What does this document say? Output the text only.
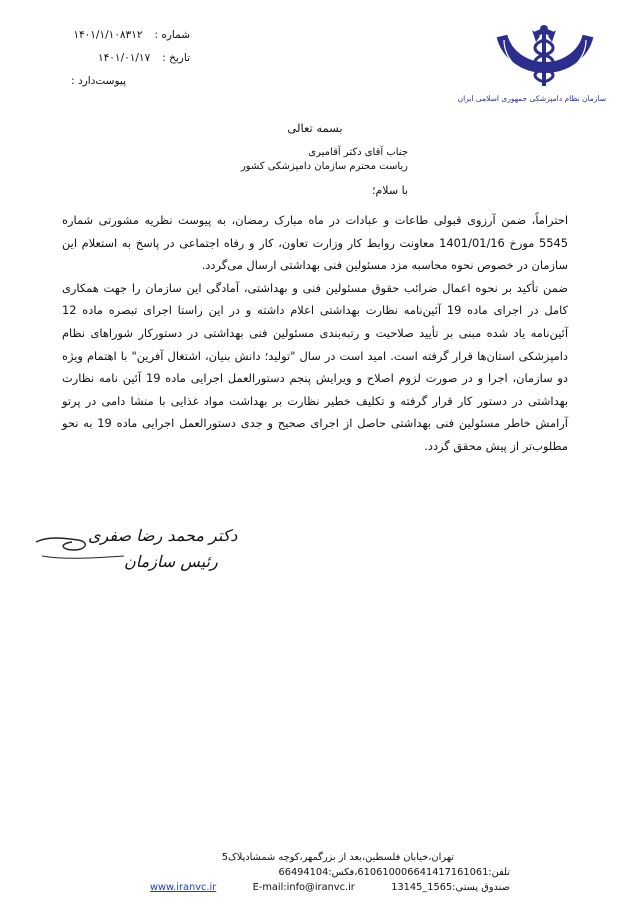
شماره :
۱۴۰۱/۱/۱۰۸۳۱۲
تاریخ :
۱۴۰۱/۰۱/۱۷
پیوست‌دارد :
سازمان نظام دامپزشکی جمهوری اسلامی ایران
بسمه تعالی
جناب آقای دکتر آقامیری
ریاست محترم سازمان دامپزشکی کشور
با سلام؛

احتراماً، ضمن آرزوی قبولی طاعات و عبادات در ماه مبارک رمضان، به پیوست نظریه مشورتی شماره 5545 مورخ 1401/01/16 معاونت روابط کار وزارت تعاون، کار و رفاه اجتماعی در پاسخ به استعلام این سازمان در خصوص نحوه محاسبه مزد مسئولین فنی بهداشتی ارسال می‌گردد.

ضمن تأکید بر نحوه اعمال ضرائب حقوق مسئولین فنی و بهداشتی، آمادگی این سازمان را جهت همکاری کامل در اجرای ماده 19 آئین‌نامه نظارت بهداشتی اعلام داشته و در این راستا اجرای تبصره ماده 12 آئین‌نامه یاد شده مبنی بر تأیید صلاحیت و رتبه‌بندی مسئولین فنی بهداشتی در دستورکار شوراهای نظام دامپزشکی استان‌ها قرار گرفته است. امید است در سال "تولید؛ دانش بنیان، اشتغال آفرین" با اهتمام ویژه دو سازمان، اجرا و در صورت لزوم اصلاح و ویرایش پنجم دستورالعمل اجرایی ماده 19 آئین نامه نظارت بهداشتی در دستور کار قرار گرفته و تکلیف خطیر نظارت بر بهداشت مواد غذایی با منشا دامی در پرتو آرامش خاطر مسئولین فنی بهداشتی حاصل از اجرای صحیح و جدی دستورالعمل اجرایی ماده 19 به نحو مطلوب‌تر از پیش محقق گردد.

دکتر محمد رضا صفری
رئیس سازمان
تهران،خیابان فلسطین،بعد از بزرگمهر،کوچه شمشادپلاک5
تلفن:610610006641417161061،فکس:66494104
صندوق پستی:1565_13145
E-mail:info@iranvc.ir
www.iranvc.ir
